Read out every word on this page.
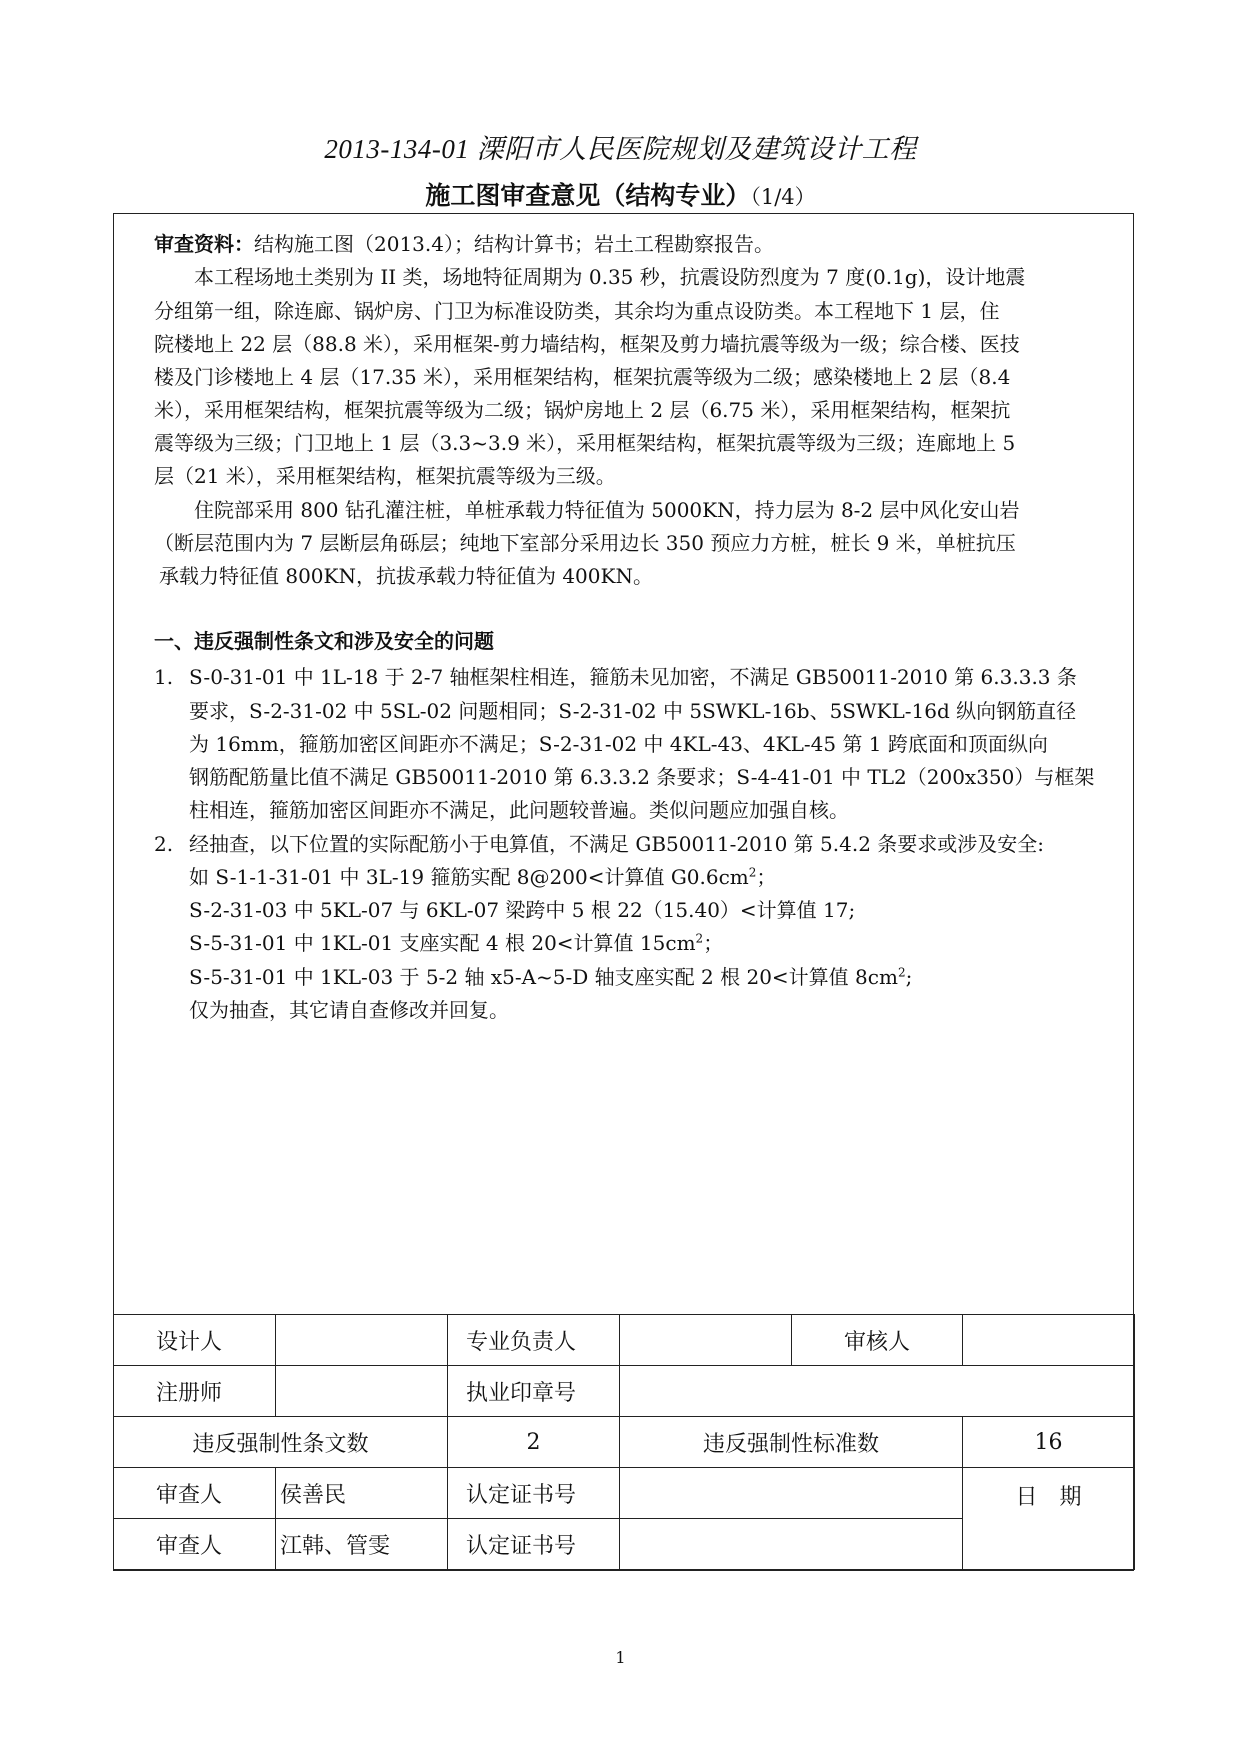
2013-134-01 溧阳市人民医院规划及建筑设计工程
施工图审查意见（结构专业）（1/4）
审查资料：结构施工图（2013.4）；结构计算书；岩土工程勘察报告。
本工程场地土类别为 II 类，场地特征周期为 0.35 秒，抗震设防烈度为 7 度(0.1g)，设计地震
分组第一组，除连廊、锅炉房、门卫为标准设防类，其余均为重点设防类。本工程地下 1 层，住
院楼地上 22 层（88.8 米），采用框架-剪力墙结构，框架及剪力墙抗震等级为一级；综合楼、医技
楼及门诊楼地上 4 层（17.35 米），采用框架结构，框架抗震等级为二级；感染楼地上 2 层（8.4
米），采用框架结构，框架抗震等级为二级；锅炉房地上 2 层（6.75 米），采用框架结构，框架抗
震等级为三级；门卫地上 1 层（3.3~3.9 米），采用框架结构，框架抗震等级为三级；连廊地上 5
层（21 米），采用框架结构，框架抗震等级为三级。
住院部采用 800 钻孔灌注桩，单桩承载力特征值为 5000KN，持力层为 8-2 层中风化安山岩
（断层范围内为 7 层断层角砾层；纯地下室部分采用边长 350 预应力方桩，桩长 9 米，单桩抗压
承载力特征值 800KN，抗拔承载力特征值为 400KN。
一、违反强制性条文和涉及安全的问题
1. S-0-31-01 中 1L-18 于 2-7 轴框架柱相连，箍筋未见加密，不满足 GB50011-2010 第 6.3.3.3 条
要求，S-2-31-02 中 5SL-02 问题相同；S-2-31-02 中 5SWKL-16b、5SWKL-16d 纵向钢筋直径
为 16mm，箍筋加密区间距亦不满足；S-2-31-02 中 4KL-43、4KL-45 第 1 跨底面和顶面纵向
钢筋配筋量比值不满足 GB50011-2010 第 6.3.3.2 条要求；S-4-41-01 中 TL2（200x350）与框架
柱相连，箍筋加密区间距亦不满足，此问题较普遍。类似问题应加强自核。
2. 经抽查，以下位置的实际配筋小于电算值，不满足 GB50011-2010 第 5.4.2 条要求或涉及安全:
如 S-1-1-31-01 中 3L-19 箍筋实配 8@200<计算值 $G0.6cm^2$；
S-2-31-03 中 5KL-07 与 6KL-07 梁跨中 5 根 22（15.40）<计算值 17;
S-5-31-01 中 1KL-01 支座实配 4 根 20<计算值 $15cm^2$；
S-5-31-01 中 1KL-03 于 5-2 轴 x5-A~5-D 轴支座实配 2 根 20<计算值 $8cm^2$;
仅为抽查，其它请自查修改并回复。
设计人		专业负责人		审核人	
注册师		执业印章号			
违反强制性条文数		2	违反强制性标准数		16
审查人	侯善民	认定证书号			日　期
审查人	江韩、管雯	认定证书号			
1
